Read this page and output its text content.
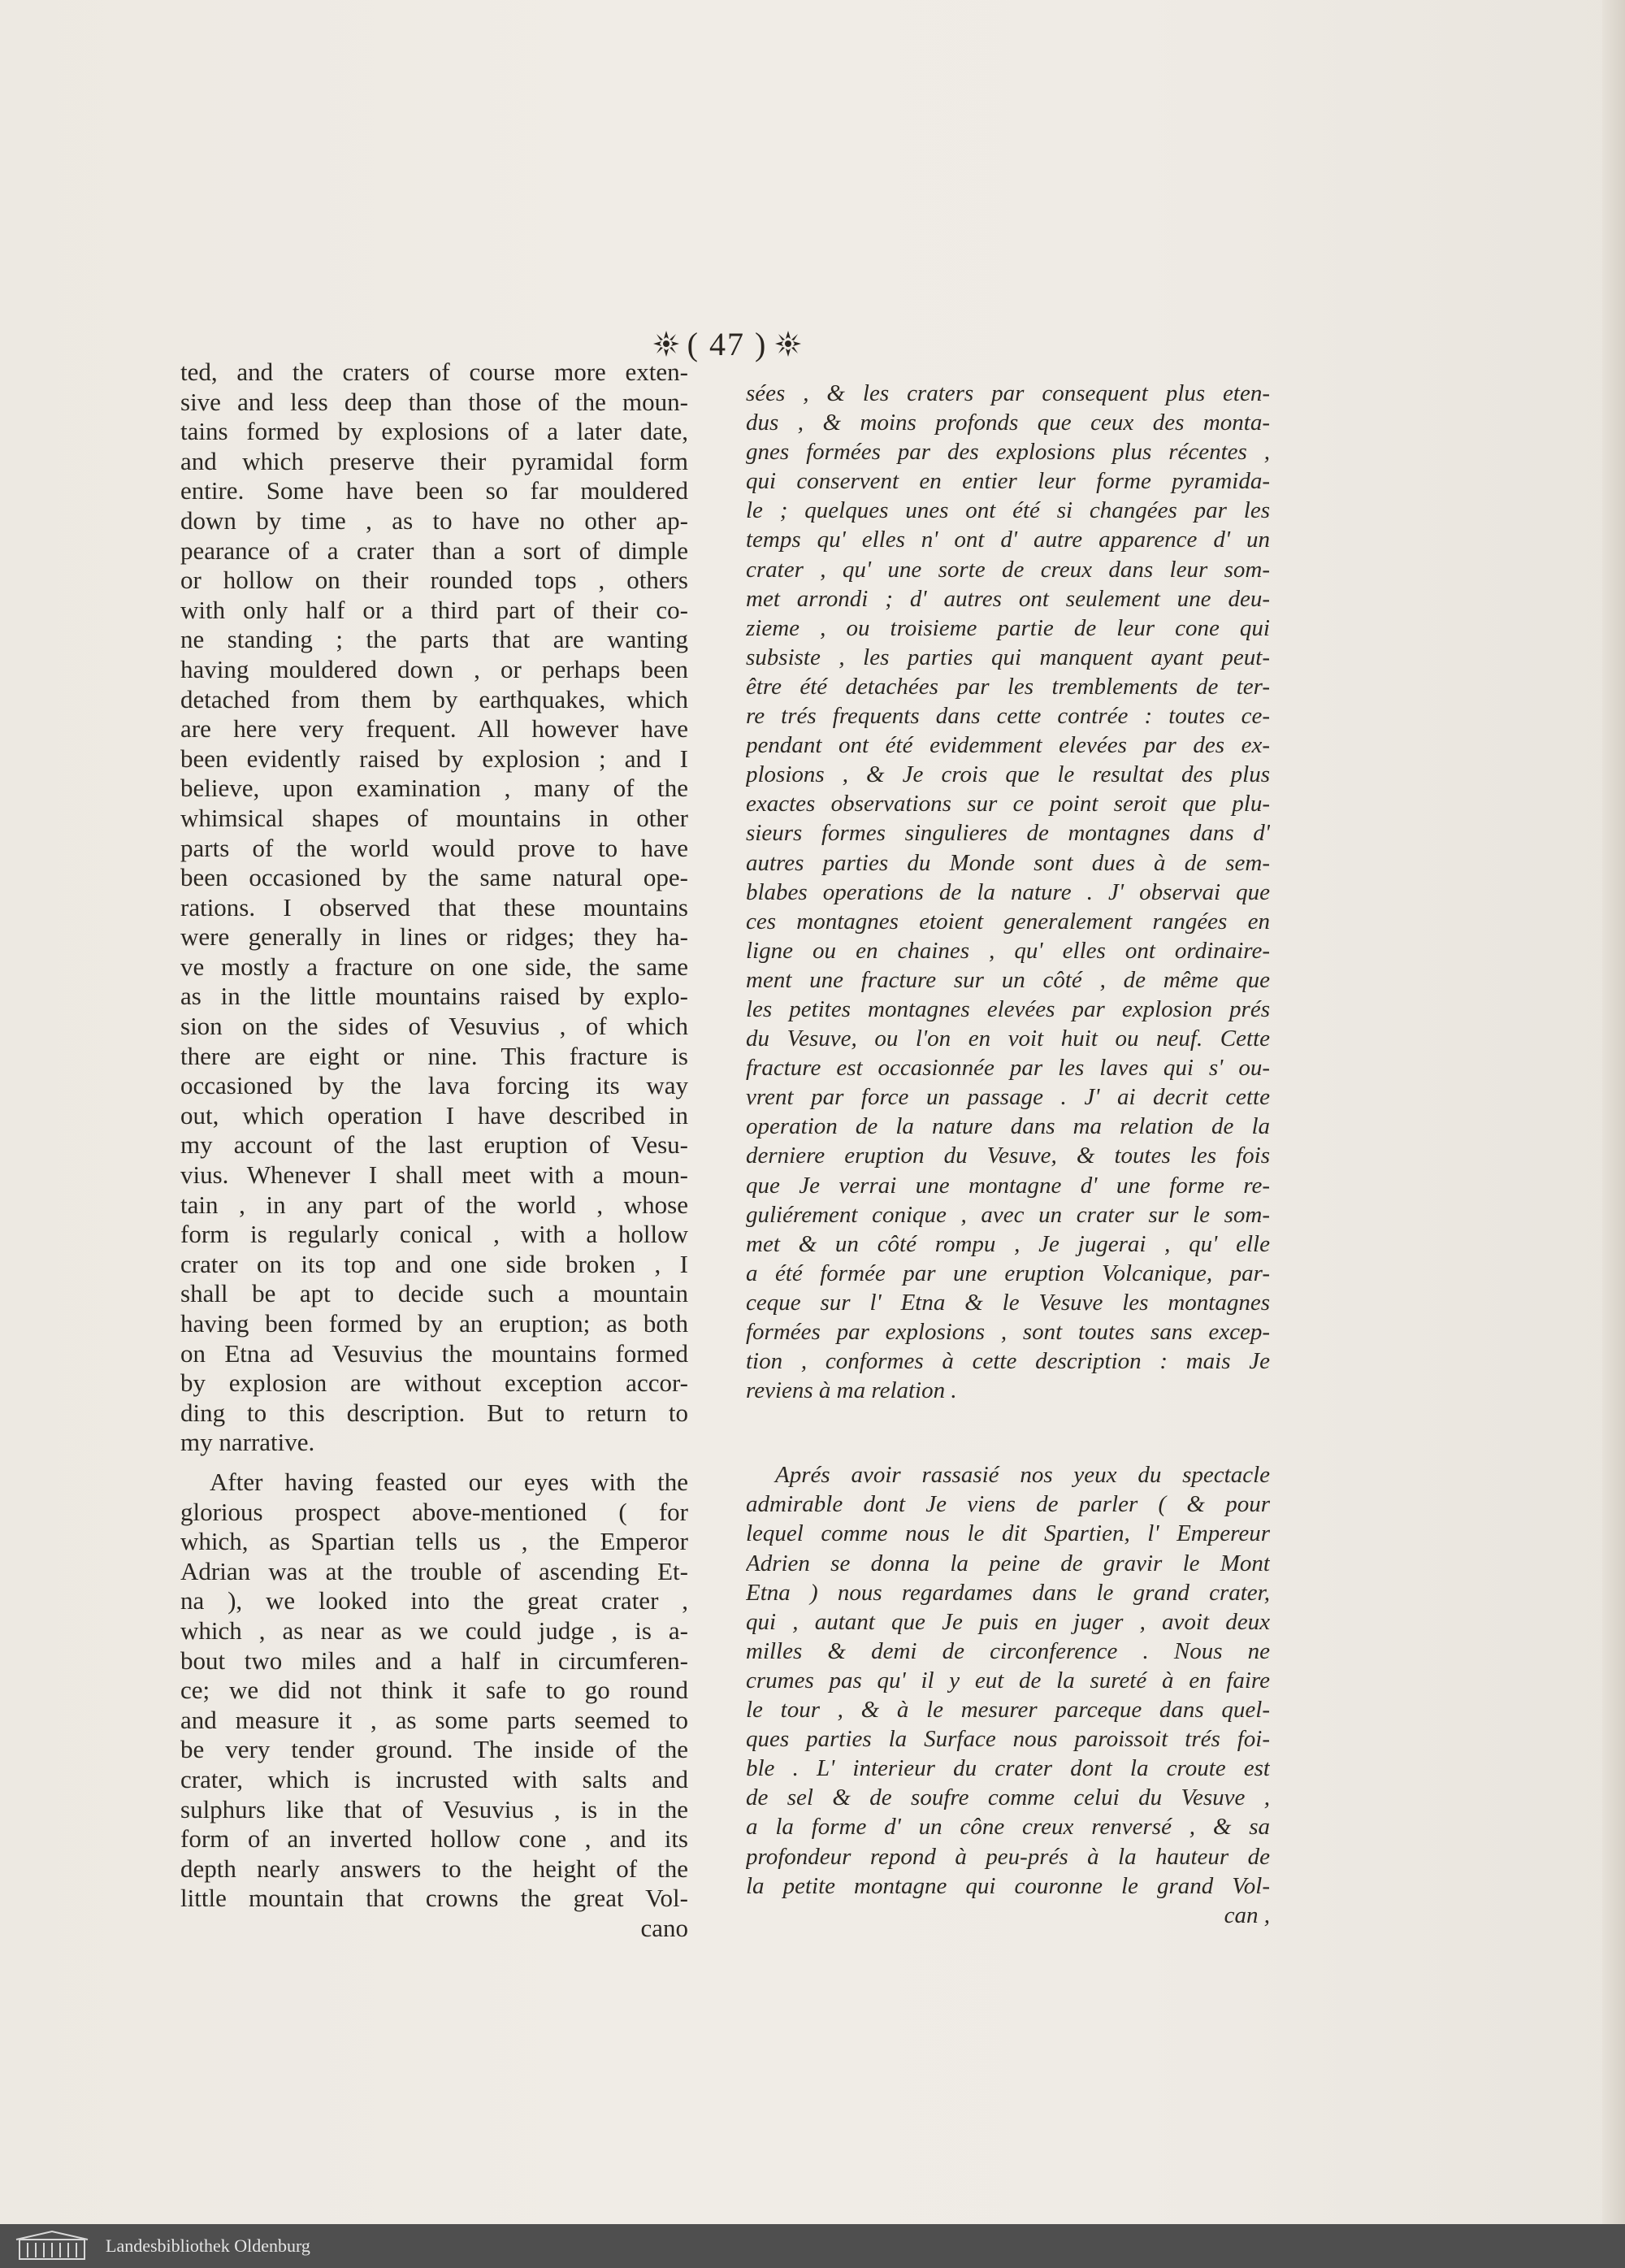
( 47 )
ted, and the craters of course more exten-
sive and less deep than those of the moun-
tains formed by explosions of a later date,
and which preserve their pyramidal form
entire. Some have been so far mouldered
down by time , as to have no other ap-
pearance of a crater than a sort of dimple
or hollow on their rounded tops , others
with only half or a third part of their co-
ne standing ; the parts that are wanting
having mouldered down , or perhaps been
detached from them by earthquakes, which
are here very frequent. All however have
been evidently raised by explosion ; and I
believe, upon examination , many of the
whimsical shapes of mountains in other
parts of the world would prove to have
been occasioned by the same natural ope-
rations. I observed that these mountains
were generally in lines or ridges; they ha-
ve mostly a fracture on one side, the same
as in the little mountains raised by explo-
sion on the sides of Vesuvius , of which
there are eight or nine. This fracture is
occasioned by the lava forcing its way
out, which operation I have described in
my account of the last eruption of Vesu-
vius. Whenever I shall meet with a moun-
tain , in any part of the world , whose
form is regularly conical , with a hollow
crater on its top and one side broken , I
shall be apt to decide such a mountain
having been formed by an eruption; as both
on Etna ad Vesuvius the mountains formed
by explosion are without exception accor-
ding to this description. But to return to
my narrative.
After having feasted our eyes with the
glorious prospect above-mentioned ( for
which, as Spartian tells us , the Emperor
Adrian was at the trouble of ascending Et-
na ), we looked into the great crater ,
which , as near as we could judge , is a-
bout two miles and a half in circumferen-
ce; we did not think it safe to go round
and measure it , as some parts seemed to
be very tender ground. The inside of the
crater, which is incrusted with salts and
sulphurs like that of Vesuvius , is in the
form of an inverted hollow cone , and its
depth nearly answers to the height of the
little mountain that crowns the great Vol-
cano
sées , & les craters par consequent plus eten-
dus , & moins profonds que ceux des monta-
gnes formées par des explosions plus récentes ,
qui conservent en entier leur forme pyramida-
le ; quelques unes ont été si changées par les
temps qu' elles n' ont d' autre apparence d' un
crater , qu' une sorte de creux dans leur som-
met arrondi ; d' autres ont seulement une deu-
zieme , ou troisieme partie de leur cone qui
subsiste , les parties qui manquent ayant peut-
être été detachées par les tremblements de ter-
re trés frequents dans cette contrée : toutes ce-
pendant ont été evidemment elevées par des ex-
plosions , & Je crois que le resultat des plus
exactes observations sur ce point seroit que plu-
sieurs formes singulieres de montagnes dans d'
autres parties du Monde sont dues à de sem-
blabes operations de la nature . J' observai que
ces montagnes etoient generalement rangées en
ligne ou en chaines , qu' elles ont ordinaire-
ment une fracture sur un côté , de même que
les petites montagnes elevées par explosion prés
du Vesuve, ou l'on en voit huit ou neuf. Cette
fracture est occasionnée par les laves qui s' ou-
vrent par force un passage . J' ai decrit cette
operation de la nature dans ma relation de la
derniere eruption du Vesuve, & toutes les fois
que Je verrai une montagne d' une forme re-
guliérement conique , avec un crater sur le som-
met & un côté rompu , Je jugerai , qu' elle
a été formée par une eruption Volcanique, par-
ceque sur l' Etna & le Vesuve les montagnes
formées par explosions , sont toutes sans excep-
tion , conformes à cette description : mais Je
reviens à ma relation .
Aprés avoir rassasié nos yeux du spectacle
admirable dont Je viens de parler ( & pour
lequel comme nous le dit Spartien, l' Empereur
Adrien se donna la peine de gravir le Mont
Etna ) nous regardames dans le grand crater,
qui , autant que Je puis en juger , avoit deux
milles & demi de circonference . Nous ne
crumes pas qu' il y eut de la sureté à en faire
le tour , & à le mesurer parceque dans quel-
ques parties la Surface nous paroissoit trés foi-
ble . L' interieur du crater dont la croute est
de sel & de soufre comme celui du Vesuve ,
a la forme d' un cône creux renversé , & sa
profondeur repond à peu-prés à la hauteur de
la petite montagne qui couronne le grand Vol-
can ,
Landesbibliothek Oldenburg
